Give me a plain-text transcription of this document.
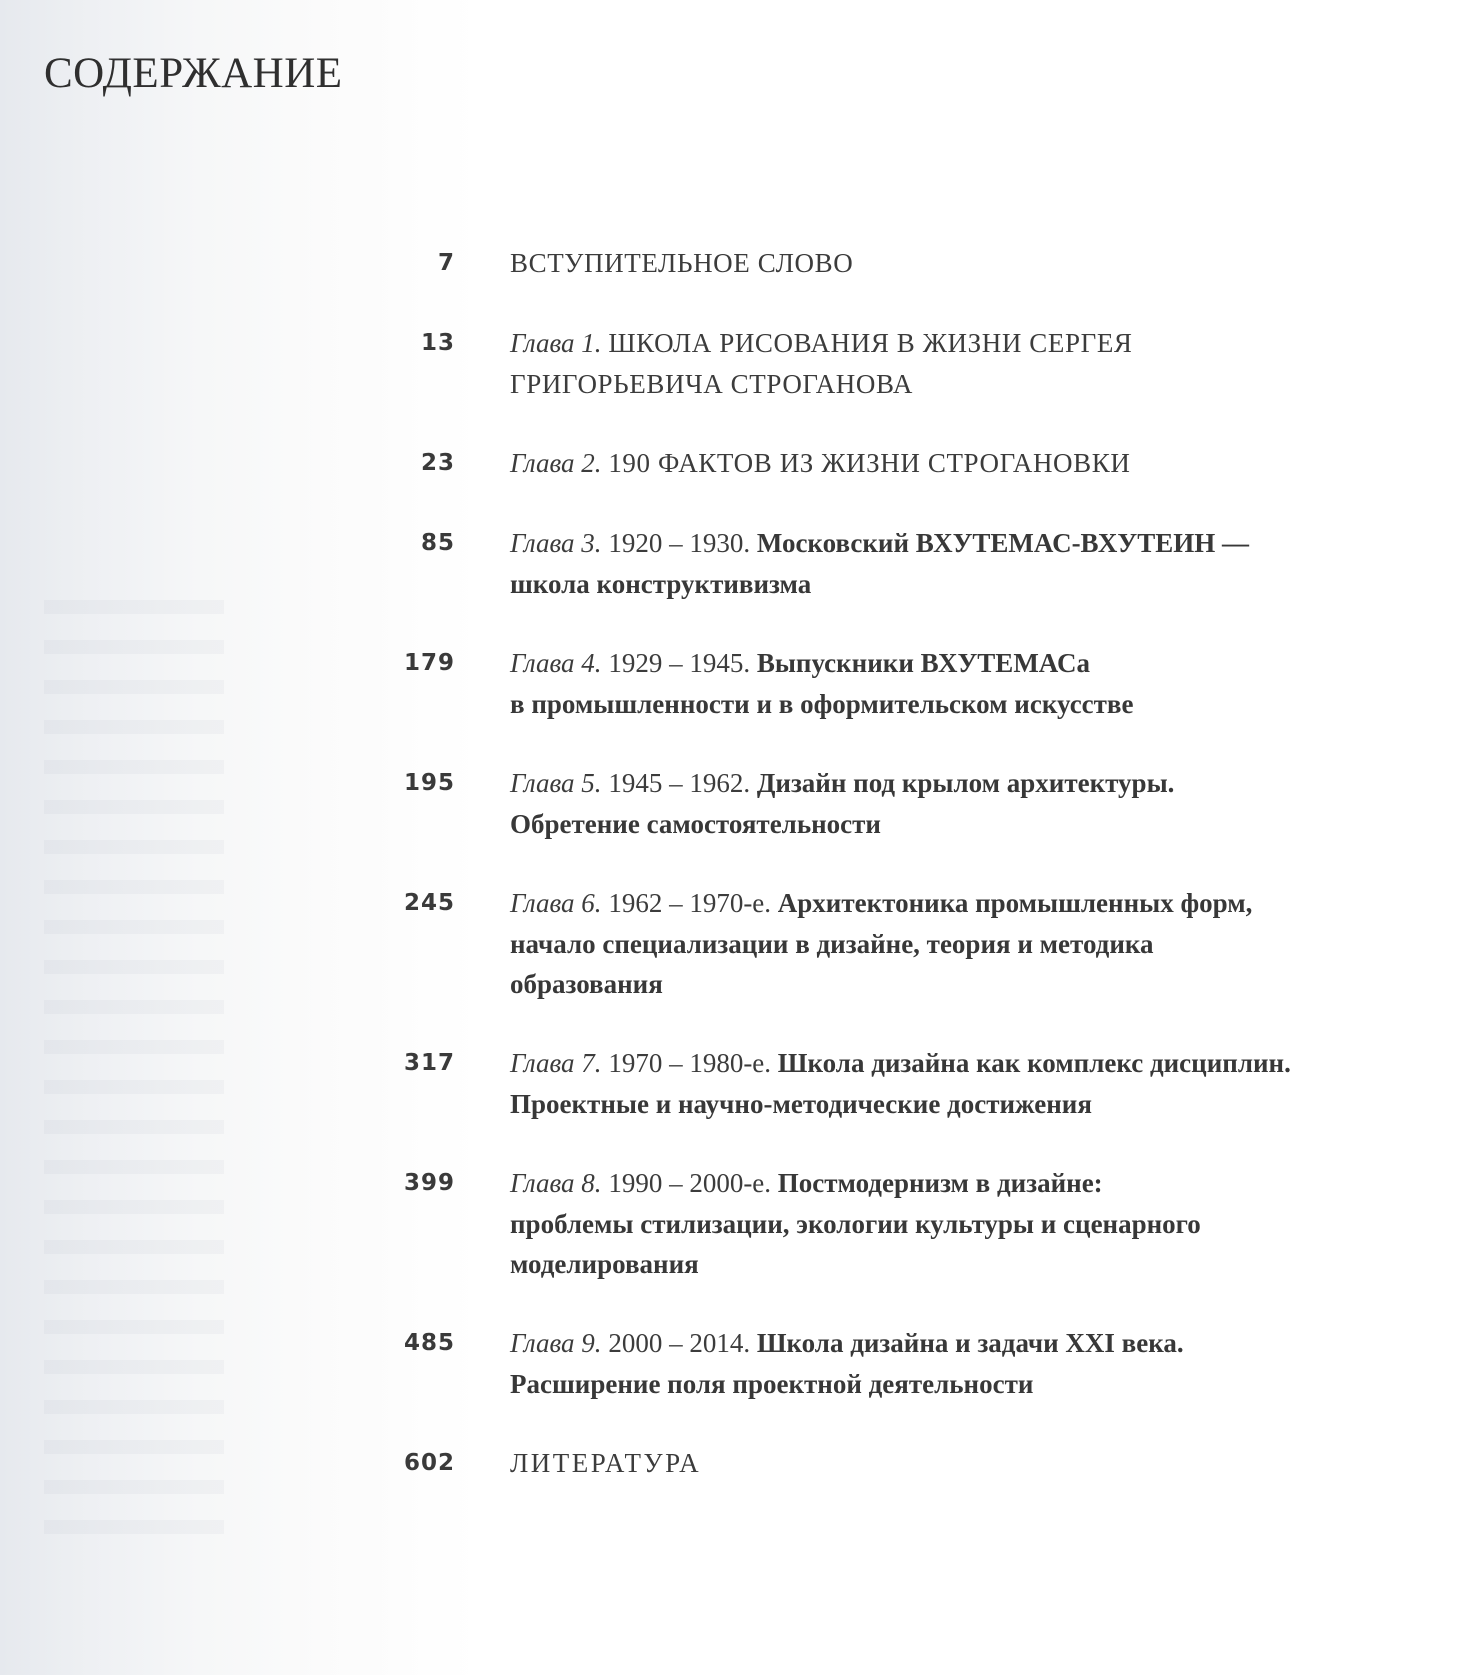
СОДЕРЖАНИЕ
7 ВСТУПИТЕЛЬНОЕ СЛОВО
13 Глава 1. ШКОЛА РИСОВАНИЯ В ЖИЗНИ СЕРГЕЯ
ГРИГОРЬЕВИЧА СТРОГАНОВА
23 Глава 2. 190 ФАКТОВ ИЗ ЖИЗНИ СТРОГАНОВКИ
85 Глава 3. 1920 – 1930. Московский ВХУТЕМАС-ВХУТЕИН —
школа конструктивизма
179 Глава 4. 1929 – 1945. Выпускники ВХУТЕМАСа
в промышленности и в оформительском искусстве
195 Глава 5. 1945 – 1962. Дизайн под крылом архитектуры.
Обретение самостоятельности
245 Глава 6. 1962 – 1970-е. Архитектоника промышленных форм,
начало специализации в дизайне, теория и методика
образования
317 Глава 7. 1970 – 1980-е. Школа дизайна как комплекс дисциплин.
Проектные и научно-методические достижения
399 Глава 8. 1990 – 2000-е. Постмодернизм в дизайне:
проблемы стилизации, экологии культуры и сценарного
моделирования
485 Глава 9. 2000 – 2014. Школа дизайна и задачи XXI века.
Расширение поля проектной деятельности
602 ЛИТЕРАТУРА
